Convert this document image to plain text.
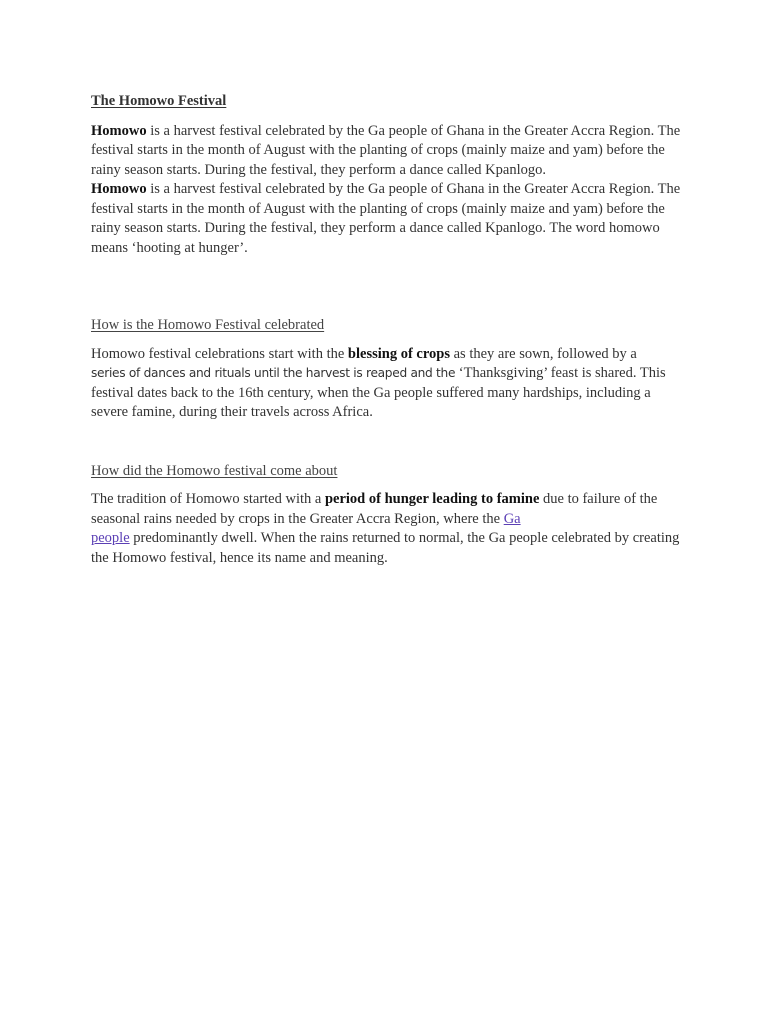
The Homowo Festival

Homowo is a harvest festival celebrated by the Ga people of Ghana in the Greater Accra Region. The festival starts in the month of August with the planting of crops (mainly maize and yam) before the rainy season starts. During the festival, they perform a dance called Kpanlogo.
Homowo is a harvest festival celebrated by the Ga people of Ghana in the Greater Accra Region. The festival starts in the month of August with the planting of crops (mainly maize and yam) before the rainy season starts. During the festival, they perform a dance called Kpanlogo. The word homowo means ‘hooting at hunger’.

How is the Homowo Festival celebrated

Homowo festival celebrations start with the blessing of crops as they are sown, followed by a
series of dances and rituals until the harvest is reaped and the ‘Thanksgiving’ feast is shared. This festival dates back to the 16th century, when the Ga people suffered many hardships, including a severe famine, during their travels across Africa.

How did the Homowo festival come about

The tradition of Homowo started with a period of hunger leading to famine due to failure of the seasonal rains needed by crops in the Greater Accra Region, where the Ga
people predominantly dwell. When the rains returned to normal, the Ga people celebrated by creating the Homowo festival, hence its name and meaning.
